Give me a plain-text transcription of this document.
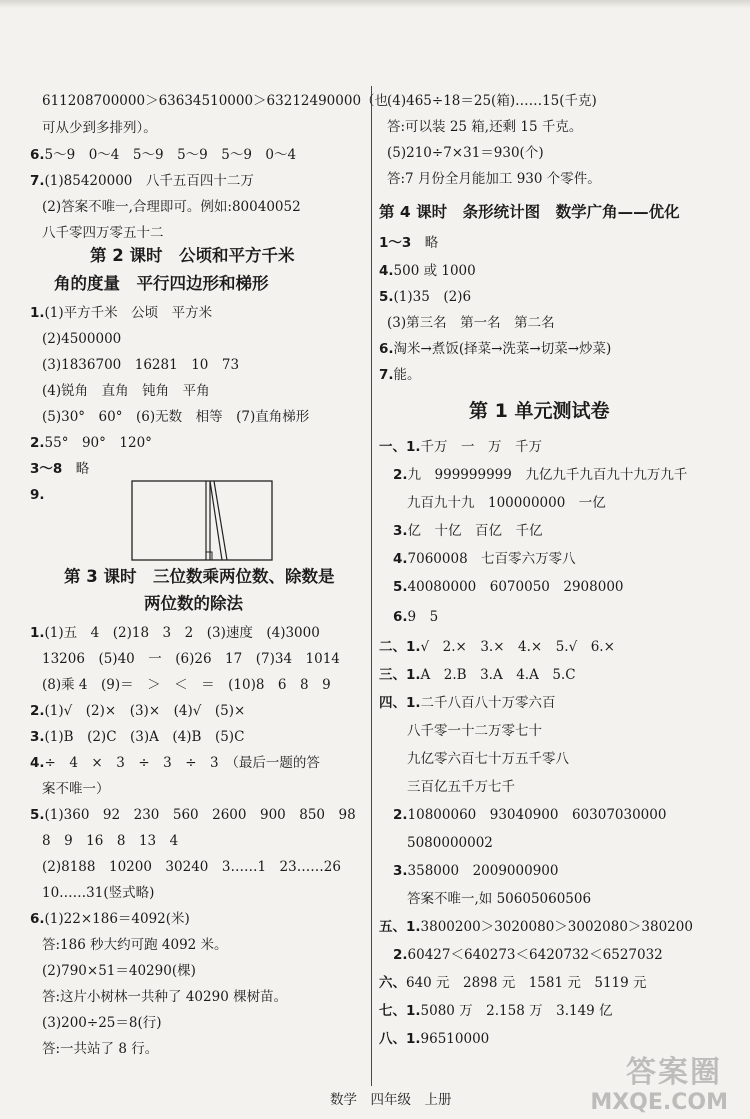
611208700000＞63634510000＞63212490000（也
可从少到多排列）。
6.5～9　0～4　5～9　5～9　5～9　0～4
7.(1)85420000　八千五百四十二万
(2)答案不唯一,合理即可。例如:80040052
八千零四万零五十二
第 2 课时　公顷和平方千米
角的度量　平行四边形和梯形
1.(1)平方千米　公顷　平方米
(2)4500000
(3)1836700　16281　10　73
(4)锐角　直角　钝角　平角
(5)30°　60°　(6)无数　相等　(7)直角梯形
2.55°　90°　120°
3～8　略
9.
第 3 课时　三位数乘两位数、除数是
两位数的除法
1.(1)五　4　(2)18　3　2　(3)速度　(4)3000
13206　(5)40　一　(6)26　17　(7)34　1014
(8)乘 4　(9)＝　＞　＜　＝　(10)8　6　8　9
2.(1)√　(2)×　(3)×　(4)√　(5)×
3.(1)B　(2)C　(3)A　(4)B　(5)C
4.÷　4　×　3　÷　3　÷　3　（最后一题的答
案不唯一）
5.(1)360　92　230　560　2600　900　850　98
8　9　16　8　13　4
(2)8188　10200　30240　3……1　23……26
10……31(竖式略)
6.(1)22×186＝4092(米)
答:186 秒大约可跑 4092 米。
(2)790×51＝40290(棵)
答:这片小树林一共种了 40290 棵树苗。
(3)200÷25＝8(行)
答:一共站了 8 行。
(4)465÷18＝25(箱)……15(千克)
答:可以装 25 箱,还剩 15 千克。
(5)210÷7×31＝930(个)
答:7 月份全月能加工 930 个零件。
第 4 课时　条形统计图　数学广角——优化
1～3　略
4.500 或 1000
5.(1)35　(2)6
(3)第三名　第一名　第二名
6.淘米→煮饭(择菜→洗菜→切菜→炒菜)
7.能。
第 1 单元测试卷
一、1.千万　一　万　千万
2.九　999999999　九亿九千九百九十九万九千
九百九十九　100000000　一亿
3.亿　十亿　百亿　千亿
4.7060008　七百零六万零八
5.40080000　6070050　2908000
6.9　5
二、1.√　2.×　3.×　4.×　5.√　6.×
三、1.A　2.B　3.A　4.A　5.C
四、1.二千八百八十万零六百
八千零一十二万零七十
九亿零六百七十万五千零八
三百亿五千万七千
2.10800060　93040900　60307030000
5080000002
3.358000　2009000900
答案不唯一,如 50605060506
五、1.3800200＞3020080＞3002080＞380200
2.60427＜640273＜6420732＜6527032
六、640 元　2898 元　1581 元　5119 元
七、1.5080 万　2.158 万　3.149 亿
八、1.96510000
数学　四年级　上册
答案圈
MXQE.COM
